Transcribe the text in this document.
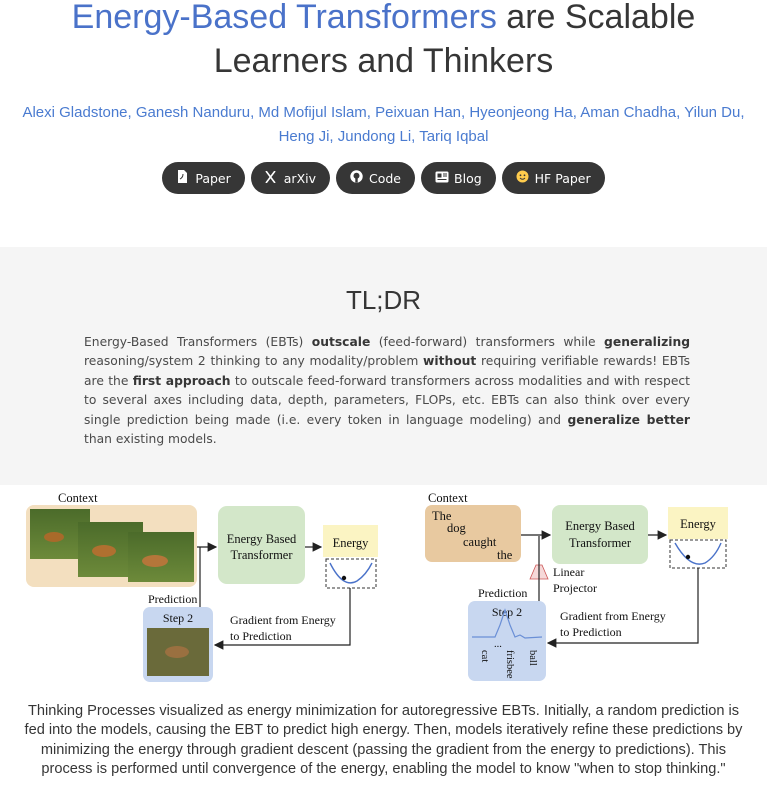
Energy-Based Transformers are Scalable
Learners and Thinkers
Alexi Gladstone, Ganesh Nanduru, Md Mofijul Islam, Peixuan Han, Hyeonjeong Ha, Aman Chadha, Yilun Du,
Heng Ji, Jundong Li, Tariq Iqbal
Paper	arXiv	Code	Blog	HF Paper
TL;DR

Energy-Based Transformers (EBTs) outscale (feed-forward) transformers while generalizing reasoning/system 2 thinking to any modality/problem without requiring verifiable rewards! EBTs are the first approach to outscale feed-forward transformers across modalities and with respect to several axes including data, depth, parameters, FLOPs, etc. EBTs can also think over every single prediction being made (i.e. every token in language modeling) and generalize better than existing models.

Context
Energy Based
Transformer
Energy
Prediction
Step 2	Gradient from Energy
to Prediction
Context
The
dog
caught
the
Energy Based
Transformer
Energy
Linear
Projector
Prediction
Step 2
cat
...
frisbee ball
Gradient from Energy
to Prediction

Thinking Processes visualized as energy minimization for autoregressive EBTs. Initially, a random prediction is fed into the models, causing the EBT to predict high energy. Then, models iteratively refine these predictions by minimizing the energy through gradient descent (passing the gradient from the energy to predictions). This process is performed until convergence of the energy, enabling the model to know "when to stop thinking."
